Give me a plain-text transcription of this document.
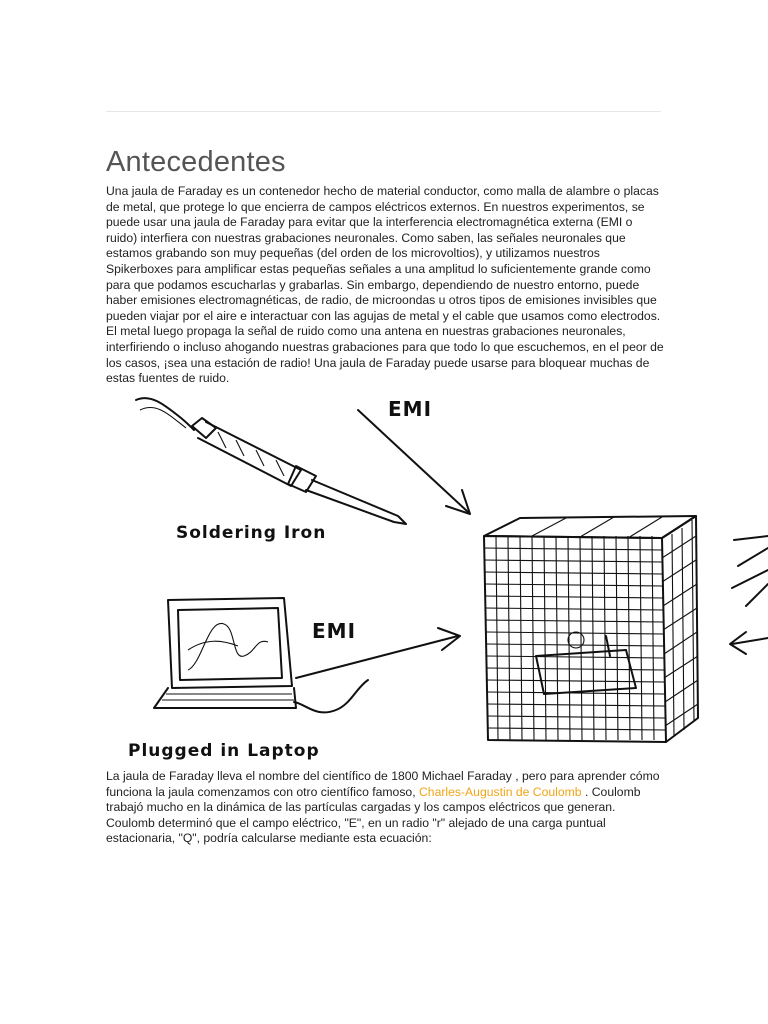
Antecedentes

Una jaula de Faraday es un contenedor hecho de material conductor, como malla de alambre o placas de metal, que protege lo que encierra de campos eléctricos externos. En nuestros experimentos, se puede usar una jaula de Faraday para evitar que la interferencia electromagnética externa (EMI o ruido) interfiera con nuestras grabaciones neuronales. Como saben, las señales neuronales que estamos grabando son muy pequeñas (del orden de los microvoltios), y utilizamos nuestros Spikerboxes para amplificar estas pequeñas señales a una amplitud lo suficientemente grande como para que podamos escucharlas y grabarlas. Sin embargo, dependiendo de nuestro entorno, puede haber emisiones electromagnéticas, de radio, de microondas u otros tipos de emisiones invisibles que pueden viajar por el aire e interactuar con las agujas de metal y el cable que usamos como electrodos. El metal luego propaga la señal de ruido como una antena en nuestras grabaciones neuronales, interfiriendo o incluso ahogando nuestras grabaciones para que todo lo que escuchemos, en el peor de los casos, ¡sea una estación de radio! Una jaula de Faraday puede usarse para bloquear muchas de estas fuentes de ruido.

Soldering Iron
EMI
Plugged in Laptop
EMI

La jaula de Faraday lleva el nombre del científico de 1800 Michael Faraday , pero para aprender cómo funciona la jaula comenzamos con otro científico famoso, Charles-Augustin de Coulomb . Coulomb trabajó mucho en la dinámica de las partículas cargadas y los campos eléctricos que generan. Coulomb determinó que el campo eléctrico, "E", en un radio "r" alejado de una carga puntual estacionaria, "Q", podría calcularse mediante esta ecuación:
